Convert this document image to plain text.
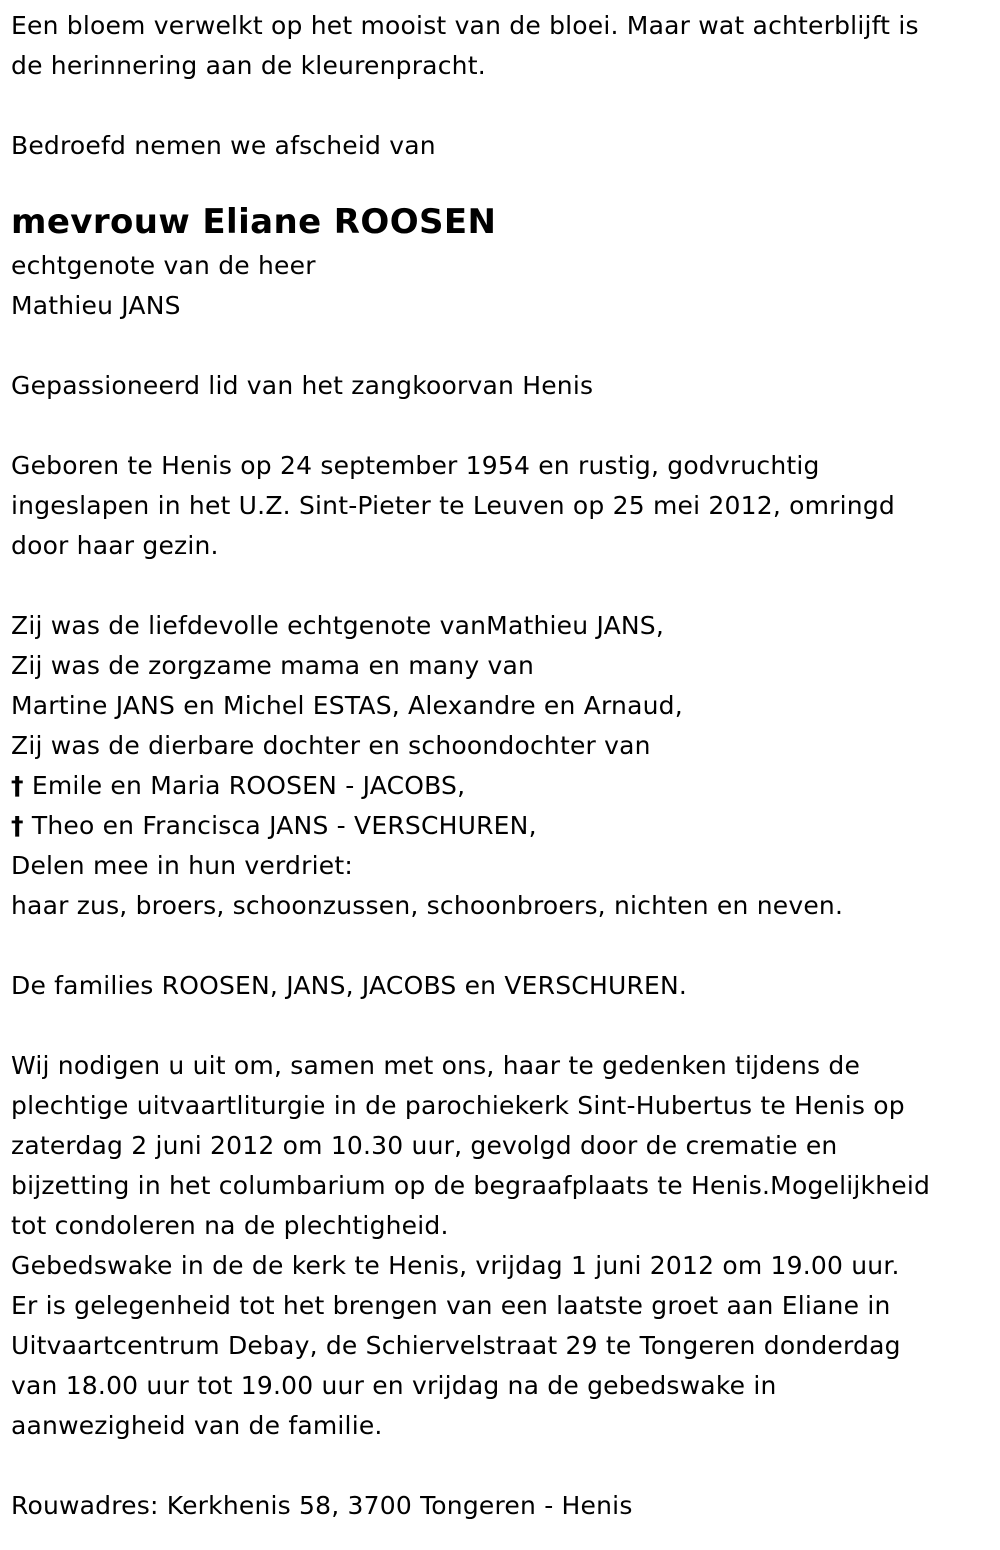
Een bloem verwelkt op het mooist van de bloei. Maar wat achterblijft is
de herinnering aan de kleurenpracht.
Bedroefd nemen we afscheid van
mevrouw Eliane ROOSEN
echtgenote van de heer
Mathieu JANS
Gepassioneerd lid van het zangkoorvan Henis
Geboren te Henis op 24 september 1954 en rustig, godvruchtig
ingeslapen in het U.Z. Sint-Pieter te Leuven op 25 mei 2012, omringd
door haar gezin.
Zij was de liefdevolle echtgenote vanMathieu JANS,
Zij was de zorgzame mama en many van
Martine JANS en Michel ESTAS, Alexandre en Arnaud,
Zij was de dierbare dochter en schoondochter van
† Emile en Maria ROOSEN - JACOBS,
† Theo en Francisca JANS - VERSCHUREN,
Delen mee in hun verdriet:
haar zus, broers, schoonzussen, schoonbroers, nichten en neven.
De families ROOSEN, JANS, JACOBS en VERSCHUREN.
Wij nodigen u uit om, samen met ons, haar te gedenken tijdens de
plechtige uitvaartliturgie in de parochiekerk Sint-Hubertus te Henis op
zaterdag 2 juni 2012 om 10.30 uur, gevolgd door de crematie en
bijzetting in het columbarium op de begraafplaats te Henis.Mogelijkheid
tot condoleren na de plechtigheid.
Gebedswake in de de kerk te Henis, vrijdag 1 juni 2012 om 19.00 uur.
Er is gelegenheid tot het brengen van een laatste groet aan Eliane in
Uitvaartcentrum Debay, de Schiervelstraat 29 te Tongeren donderdag
van 18.00 uur tot 19.00 uur en vrijdag na de gebedswake in
aanwezigheid van de familie.
Rouwadres: Kerkhenis 58, 3700 Tongeren - Henis
